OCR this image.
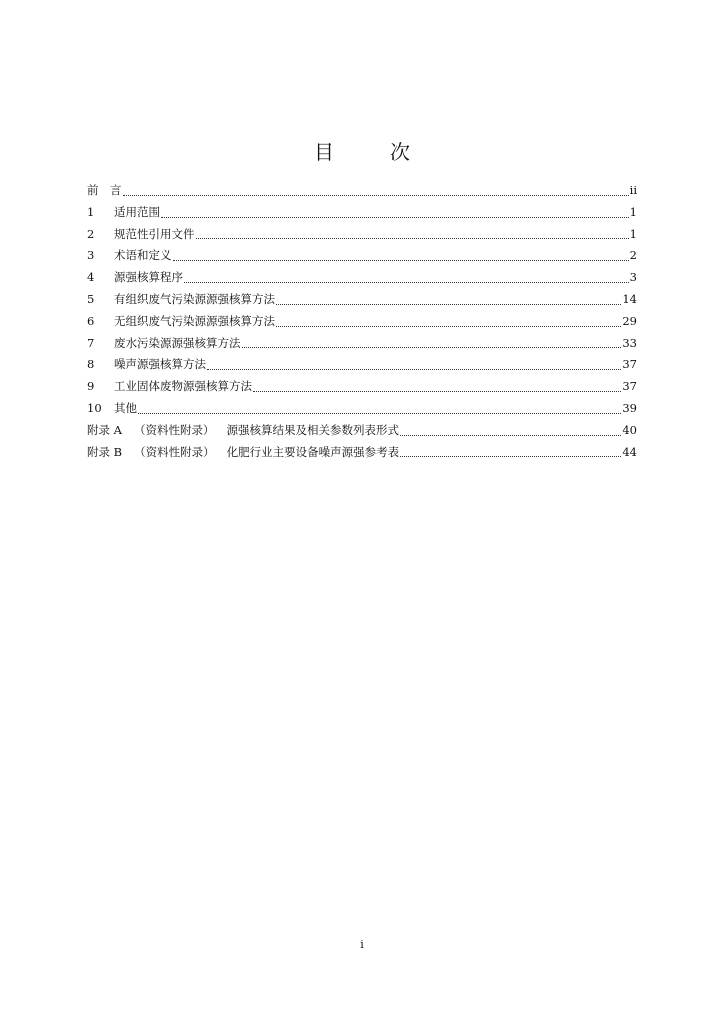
目　次
前　言	ii
1	适用范围	1
2	规范性引用文件	1
3	术语和定义	2
4	源强核算程序	3
5	有组织废气污染源源强核算方法	14
6	无组织废气污染源源强核算方法	29
7	废水污染源源强核算方法	33
8	噪声源强核算方法	37
9	工业固体废物源强核算方法	37
10	其他	39
附录 A （资料性附录） 源强核算结果及相关参数列表形式	40
附录 B （资料性附录） 化肥行业主要设备噪声源强参考表	44
i
